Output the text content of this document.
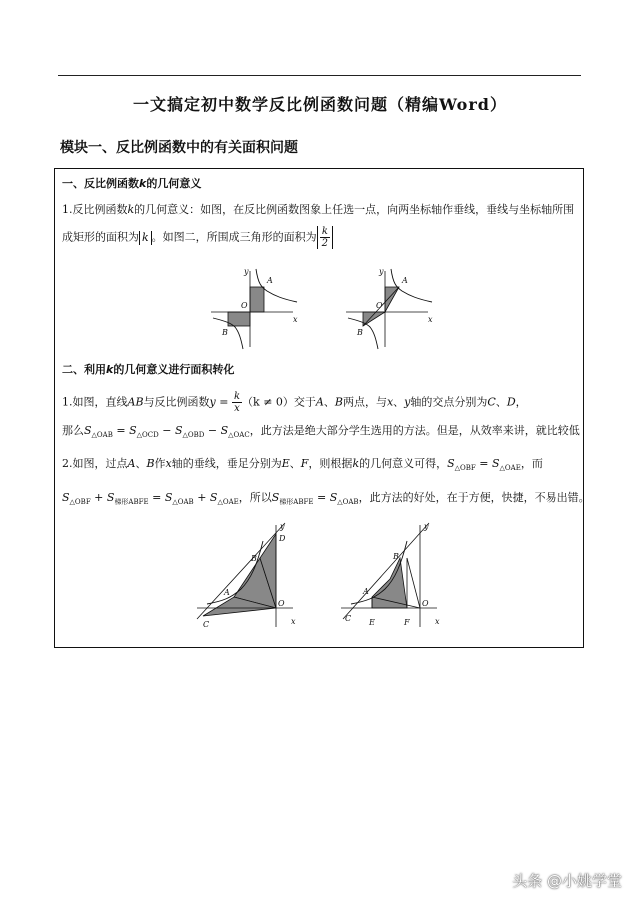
一文搞定初中数学反比例函数问题（精编Word）
模块一、反比例函数中的有关面积问题
一、反比例函数k的几何意义
1.反比例函数k的几何意义：如图，在反比例函数图象上任选一点，向两坐标轴作垂线，垂线与坐标轴所围
成矩形的面积为 k 。如图二，所围成三角形的面积为 $\frac{k}{2}$
y
x
O
A
B
y
x
O
A
B
二、利用k的几何意义进行面积转化
1.如图，直线AB与反比例函数$y = \frac{k}{x} (k \ne 0)$交于A、B两点，与x、y轴的交点分别为C、D，
那么$S_{\triangle OAB} = S_{\triangle OCD} - S_{\triangle OBD} - S_{\triangle OAC}$，此方法是绝大部分学生选用的方法。但是，从效率来讲，就比较低
2.如图，过点A、B作x轴的垂线，垂足分别为E、F，则根据k的几何意义可得，$S_{\triangle OBF} = S_{\triangle OAE}$，而
$S_{\triangle OBF} + S_{梯形ABFE} = S_{\triangle OAB} + S_{\triangle OAE}$，所以$S_{梯形ABFE} = S_{\triangle OAB}$，此方法的好处，在于方便，快捷，不易出错。
y
x
O
A
B
C
D
y
x
O
A
B
C E	F
头条 @小姚学堂
